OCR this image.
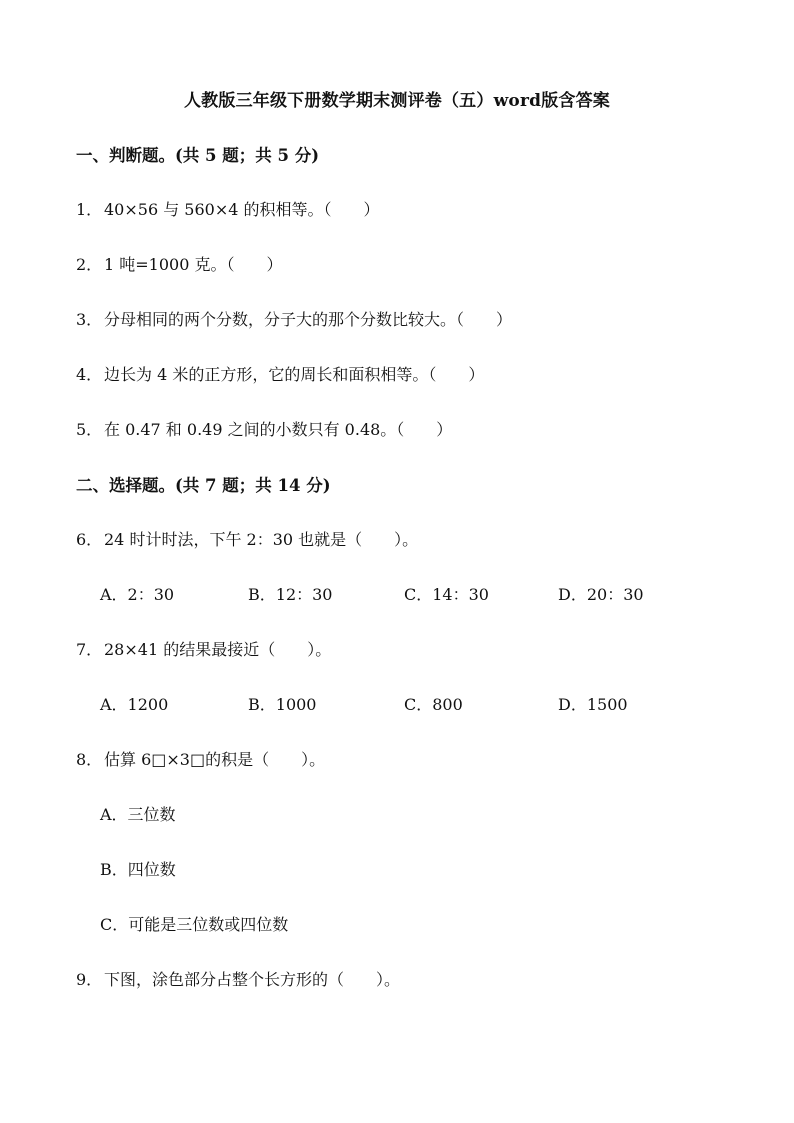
人教版三年级下册数学期末测评卷（五）word版含答案
一、判断题。(共 5 题；共 5 分)
1． 40×56 与 560×4 的积相等。（　　）
2． 1 吨=1000 克。（　　）
3． 分母相同的两个分数，分子大的那个分数比较大。（　　）
4． 边长为 4 米的正方形，它的周长和面积相等。（　　）
5． 在 0.47 和 0.49 之间的小数只有 0.48。（　　）
二、选择题。(共 7 题；共 14 分)
6． 24 时计时法，下午 2：30 也就是（　　）。
A．2：30	B．12：30	C．14：30	D．20：30
7． 28×41 的结果最接近（　　）。
A．1200	B．1000	C．800	D．1500
8． 估算 6□×3□的积是（　　）。
A．三位数
B．四位数
C．可能是三位数或四位数
9． 下图，涂色部分占整个长方形的（　　）。
